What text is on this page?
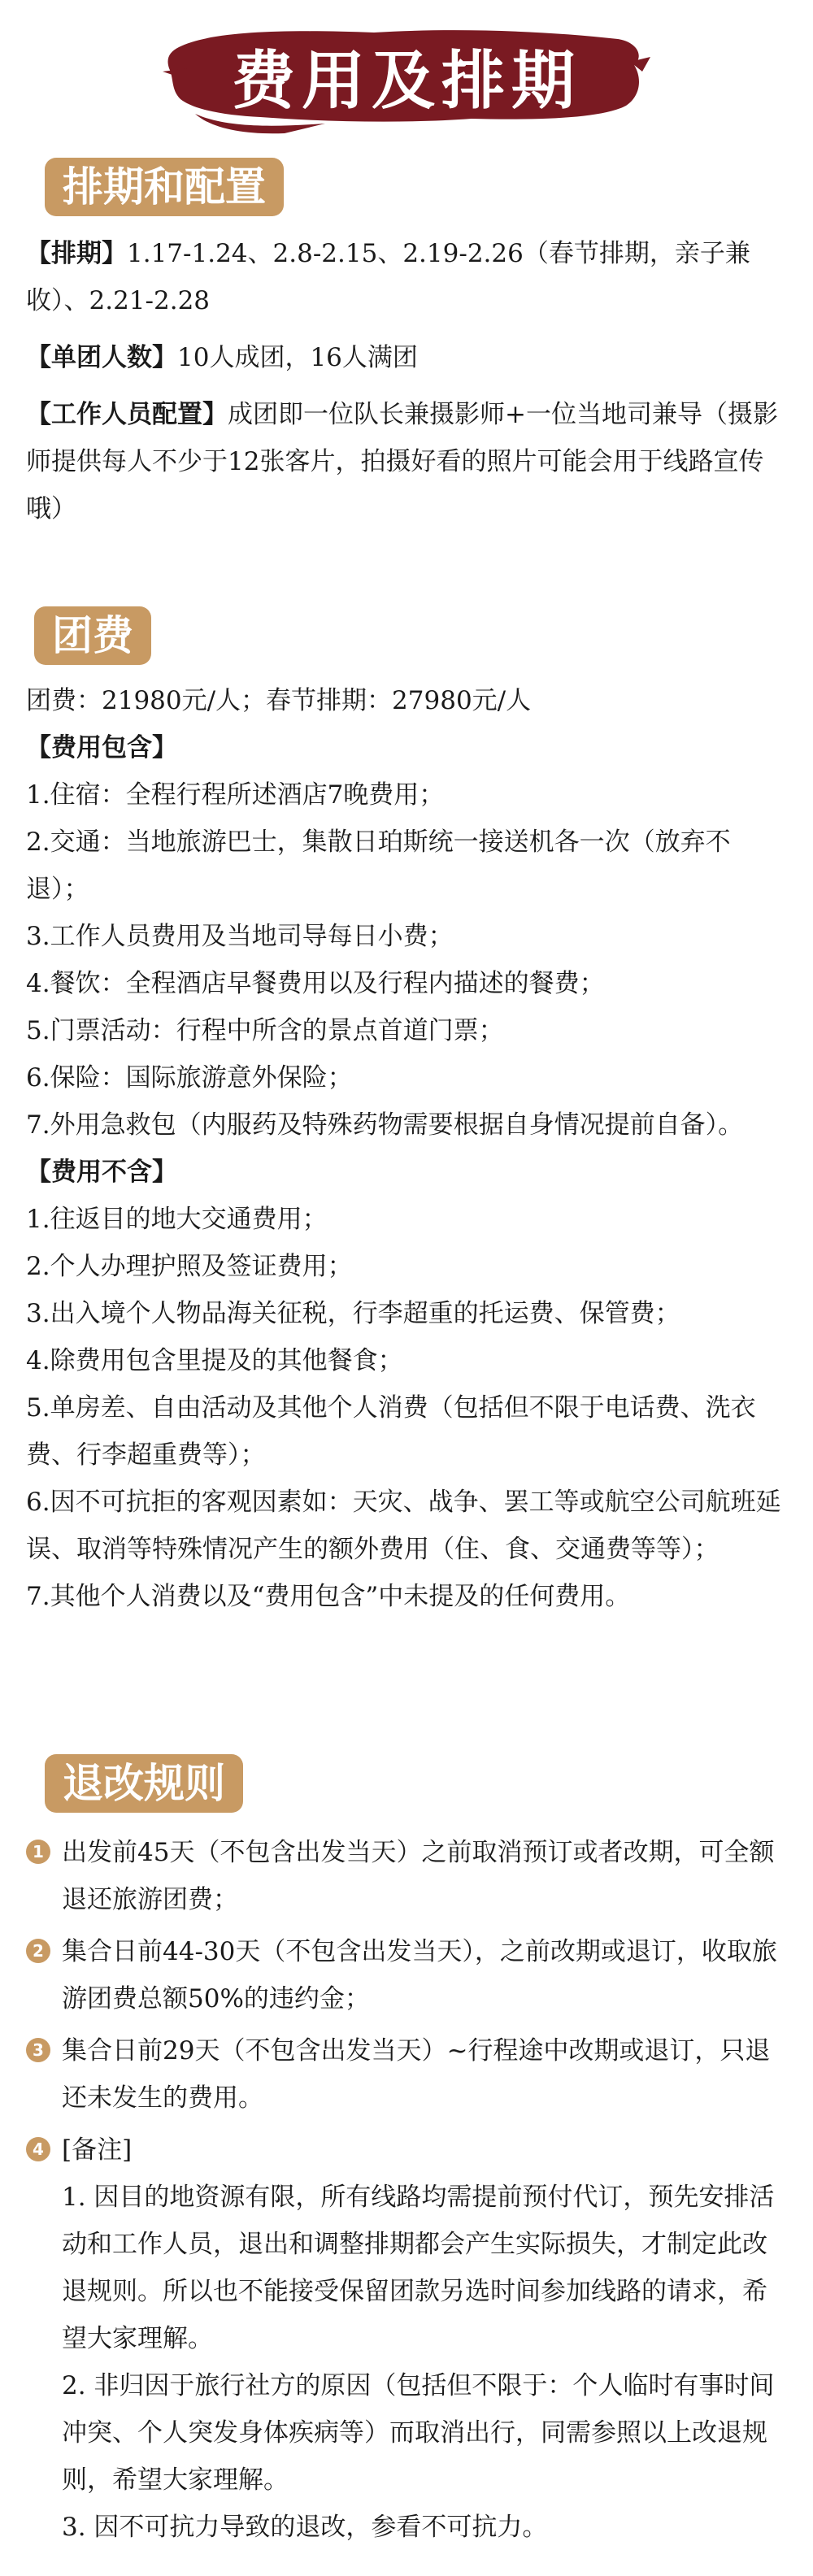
费用及排期
排期和配置

【排期】1.17-1.24、2.8-2.15、2.19-2.26（春节排期，亲子兼收）、2.21-2.28

【单团人数】10人成团，16人满团

【工作人员配置】成团即一位队长兼摄影师+一位当地司兼导（摄影师提供每人不少于12张客片，拍摄好看的照片可能会用于线路宣传哦）

团费

团费：21980元/人；春节排期：27980元/人

【费用包含】

1.住宿：全程行程所述酒店7晚费用；

2.交通：当地旅游巴士，集散日珀斯统一接送机各一次（放弃不退）；

3.工作人员费用及当地司导每日小费；

4.餐饮：全程酒店早餐费用以及行程内描述的餐费；

5.门票活动：行程中所含的景点首道门票；

6.保险：国际旅游意外保险；

7.外用急救包（内服药及特殊药物需要根据自身情况提前自备）。

【费用不含】

1.往返目的地大交通费用；

2.个人办理护照及签证费用；

3.出入境个人物品海关征税，行李超重的托运费、保管费；

4.除费用包含里提及的其他餐食；

5.单房差、自由活动及其他个人消费（包括但不限于电话费、洗衣费、行李超重费等）；

6.因不可抗拒的客观因素如：天灾、战争、罢工等或航空公司航班延误、取消等特殊情况产生的额外费用（住、食、交通费等等）；

7.其他个人消费以及“费用包含”中未提及的任何费用。

退改规则
1 出发前45天（不包含出发当天）之前取消预订或者改期，可全额退还旅游团费；
2 集合日前44-30天（不包含出发当天），之前改期或退订，收取旅游团费总额50%的违约金；
3 集合日前29天（不包含出发当天）~行程途中改期或退订，只退还未发生的费用。
4 [备注]

1. 因目的地资源有限，所有线路均需提前预付代订，预先安排活动和工作人员，退出和调整排期都会产生实际损失，才制定此改退规则。所以也不能接受保留团款另选时间参加线路的请求，希望大家理解。

2. 非归因于旅行社方的原因（包括但不限于：个人临时有事时间冲突、个人突发身体疾病等）而取消出行，同需参照以上改退规则，希望大家理解。

3. 因不可抗力导致的退改，参看不可抗力。
